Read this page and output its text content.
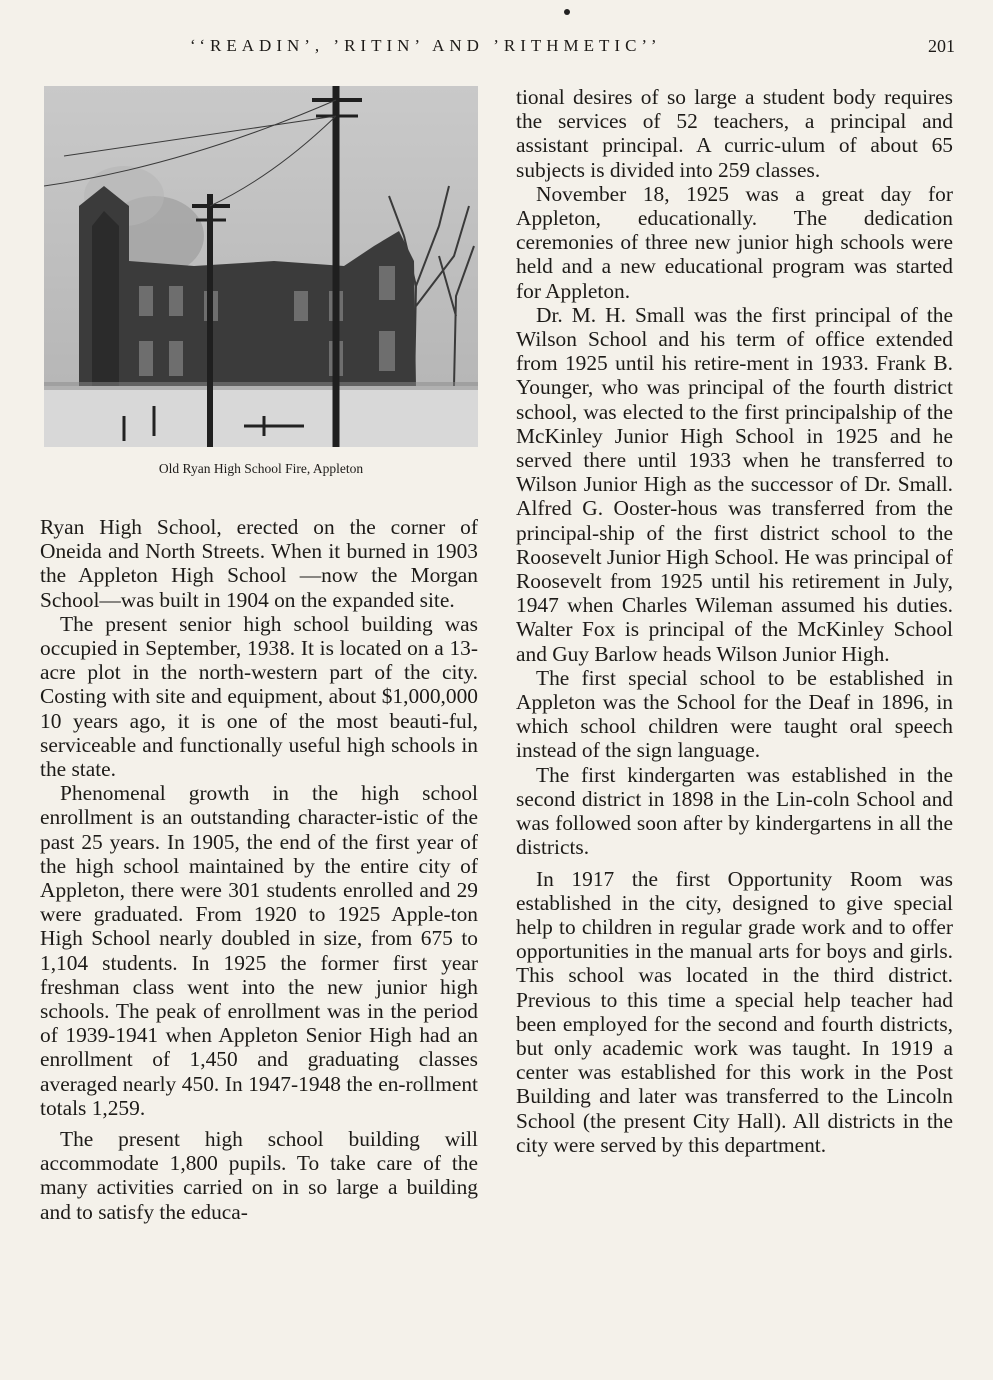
‘‘READIN’, ’RITIN’ AND ’RITHMETIC’’	201
Old Ryan High School Fire, Appleton

Ryan High School, erected on the corner of Oneida and North Streets. When it burned in 1903 the Appleton High School —now the Morgan School—was built in 1904 on the expanded site.

The present senior high school building was occupied in September, 1938. It is located on a 13-acre plot in the north-western part of the city. Costing with site and equipment, about $1,000,000 10 years ago, it is one of the most beauti-ful, serviceable and functionally useful high schools in the state.

Phenomenal growth in the high school enrollment is an outstanding character-istic of the past 25 years. In 1905, the end of the first year of the high school maintained by the entire city of Appleton, there were 301 students enrolled and 29 were graduated. From 1920 to 1925 Apple-ton High School nearly doubled in size, from 675 to 1,104 students. In 1925 the former first year freshman class went into the new junior high schools. The peak of enrollment was in the period of 1939-1941 when Appleton Senior High had an enrollment of 1,450 and graduating classes averaged nearly 450. In 1947-1948 the en-rollment totals 1,259.

The present high school building will accommodate 1,800 pupils. To take care of the many activities carried on in so large a building and to satisfy the educa-

tional desires of so large a student body requires the services of 52 teachers, a principal and assistant principal. A curric-ulum of about 65 subjects is divided into 259 classes.

November 18, 1925 was a great day for Appleton, educationally. The dedication ceremonies of three new junior high schools were held and a new educational program was started for Appleton.

Dr. M. H. Small was the first principal of the Wilson School and his term of office extended from 1925 until his retire-ment in 1933. Frank B. Younger, who was principal of the fourth district school, was elected to the first principalship of the McKinley Junior High School in 1925 and he served there until 1933 when he transferred to Wilson Junior High as the successor of Dr. Small. Alfred G. Ooster-hous was transferred from the principal-ship of the first district school to the Roosevelt Junior High School. He was principal of Roosevelt from 1925 until his retirement in July, 1947 when Charles Wileman assumed his duties. Walter Fox is principal of the McKinley School and Guy Barlow heads Wilson Junior High.

The first special school to be established in Appleton was the School for the Deaf in 1896, in which school children were taught oral speech instead of the sign language.

The first kindergarten was established in the second district in 1898 in the Lin-coln School and was followed soon after by kindergartens in all the districts.

In 1917 the first Opportunity Room was established in the city, designed to give special help to children in regular grade work and to offer opportunities in the manual arts for boys and girls. This school was located in the third district. Previous to this time a special help teacher had been employed for the second and fourth districts, but only academic work was taught. In 1919 a center was established for this work in the Post Building and later was transferred to the Lincoln School (the present City Hall). All districts in the city were served by this department.
